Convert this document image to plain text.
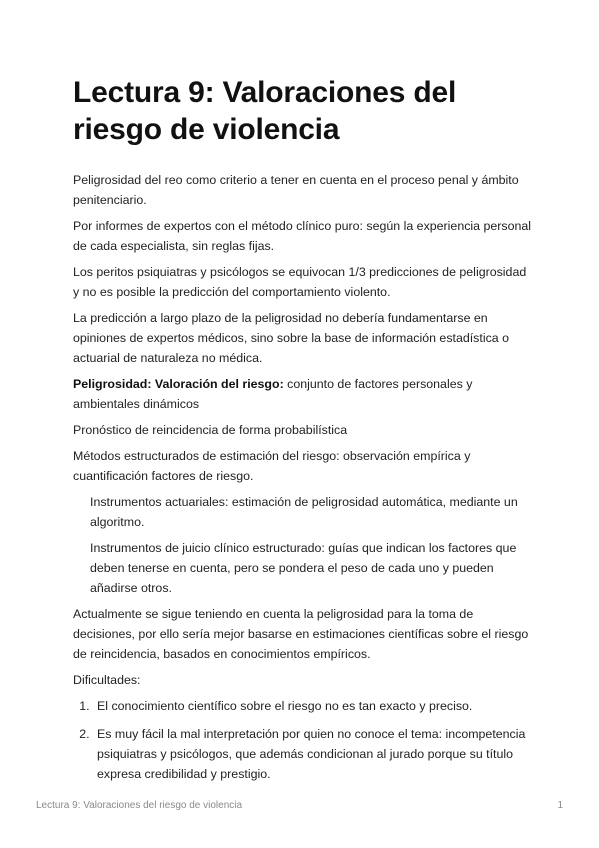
Lectura 9: Valoraciones del riesgo de violencia

Peligrosidad del reo como criterio a tener en cuenta en el proceso penal y ámbito penitenciario.

Por informes de expertos con el método clínico puro: según la experiencia personal de cada especialista, sin reglas fijas.

Los peritos psiquiatras y psicólogos se equivocan 1/3 predicciones de peligrosidad y no es posible la predicción del comportamiento violento.

La predicción a largo plazo de la peligrosidad no debería fundamentarse en opiniones de expertos médicos, sino sobre la base de información estadística o actuarial de naturaleza no médica.

Peligrosidad: Valoración del riesgo: conjunto de factores personales y ambientales dinámicos

Pronóstico de reincidencia de forma probabilística

Métodos estructurados de estimación del riesgo: observación empírica y cuantificación factores de riesgo.

Instrumentos actuariales: estimación de peligrosidad automática, mediante un algoritmo.

Instrumentos de juicio clínico estructurado: guías que indican los factores que deben tenerse en cuenta, pero se pondera el peso de cada uno y pueden añadirse otros.

Actualmente se sigue teniendo en cuenta la peligrosidad para la toma de decisiones, por ello sería mejor basarse en estimaciones científicas sobre el riesgo de reincidencia, basados en conocimientos empíricos.

Dificultades:

1. El conocimiento científico sobre el riesgo no es tan exacto y preciso.
2. Es muy fácil la mal interpretación por quien no conoce el tema: incompetencia psiquiatras y psicólogos, que además condicionan al jurado porque su título expresa credibilidad y prestigio.
Lectura 9: Valoraciones del riesgo de violencia	1
